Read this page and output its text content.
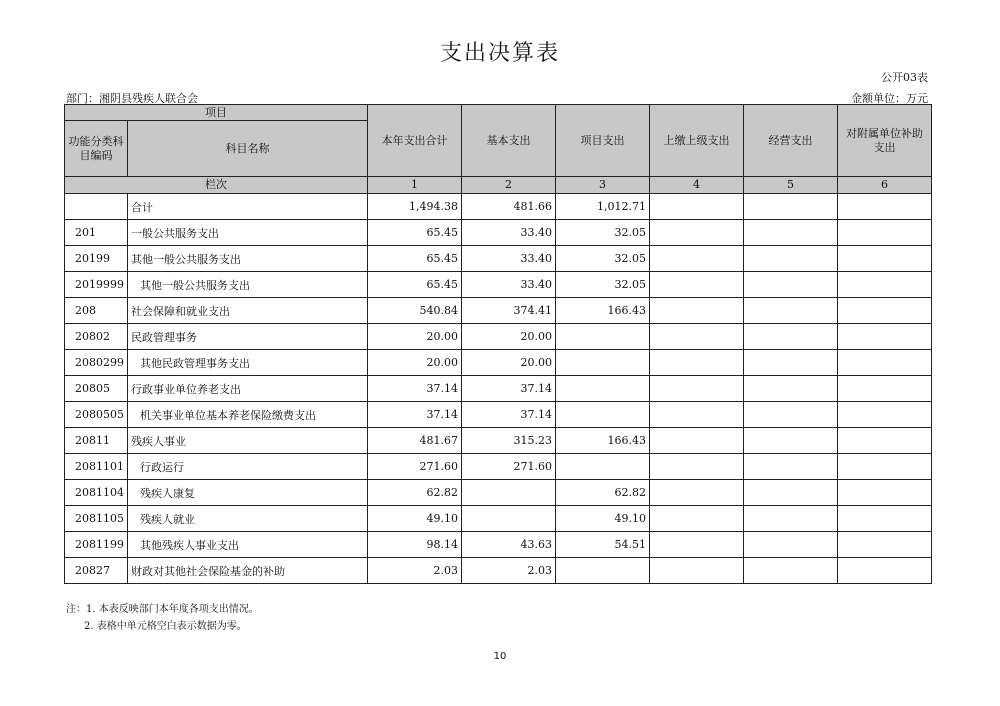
支出决算表
公开03表
部门：湘阴县残疾人联合会	金额单位：万元
项目		本年支出合计	基本支出	项目支出	上缴上级支出	经营支出	对附属单位补助支出
功能分类科目编码	科目名称						
栏次		1	2	3	4	5	6
	合计	1,494.38	481.66	1,012.71			
201	一般公共服务支出	65.45	33.40	32.05			
20199	其他一般公共服务支出	65.45	33.40	32.05			
2019999	其他一般公共服务支出	65.45	33.40	32.05			
208	社会保障和就业支出	540.84	374.41	166.43			
20802	民政管理事务	20.00	20.00				
2080299	其他民政管理事务支出	20.00	20.00				
20805	行政事业单位养老支出	37.14	37.14				
2080505	机关事业单位基本养老保险缴费支出	37.14	37.14				
20811	残疾人事业	481.67	315.23	166.43			
2081101	行政运行	271.60	271.60				
2081104	残疾人康复	62.82		62.82			
2081105	残疾人就业	49.10		49.10			
2081199	其他残疾人事业支出	98.14	43.63	54.51			
20827	财政对其他社会保险基金的补助	2.03	2.03				
注：1. 本表反映部门本年度各项支出情况。
2. 表格中单元格空白表示数据为零。
10
